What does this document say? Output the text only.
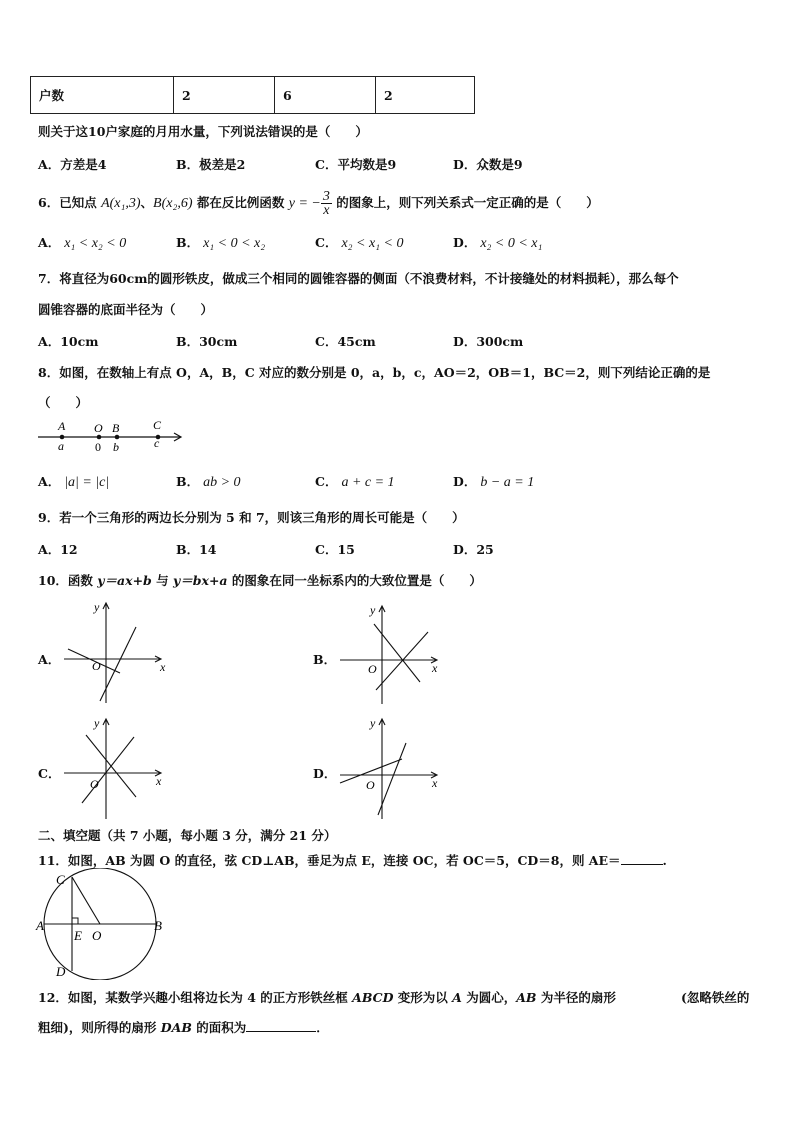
户数	2	6	2
则关于这10户家庭的月用水量，下列说法错误的是（　　）
A．方差是4	B．极差是2	C．平均数是9	D．众数是9
6．已知点 A(x₁,3)、B(x₂,6) 都在反比例函数 y = − $\frac{3}{x}$ 的图象上，则下列关系式一定正确的是（　　）
A． x₁ < x₂ < 0	B． x₁ < 0 < x₂	C． x₂ < x₁ < 0	D． x₂ < 0 < x₁
7．将直径为60cm的圆形铁皮，做成三个相同的圆锥容器的侧面（不浪费材料，不计接缝处的材料损耗），那么每个
圆锥容器的底面半径为（　　）
A．10cm	B．30cm	C．45cm	D．300cm
8．如图，在数轴上有点 O，A，B，C 对应的数分别是 0，a，b，c，AO＝2，OB＝1，BC＝2，则下列结论正确的是
（　　）
A O B	C
a	0 b	c
A． |a| = |c|	B． ab > 0	C． a + c = 1	D． b − a = 1
9．若一个三角形的两边长分别为 5 和 7，则该三角形的周长可能是（　　）
A．12	B．14	C．15	D．25
10．函数 y＝ax+b 与 y＝bx+a 的图象在同一坐标系内的大致位置是（　　）
A．	x
y
O	B．
x
y
O
C．	x
y
O
D．
x
y
O
二、填空题（共 7 小题，每小题 3 分，满分 21 分）
11．如图，AB 为圆 O 的直径，弦 CD⊥AB，垂足为点 E，连接 OC，若 OC＝5，CD＝8，则 AE＝	.
C
A
E O
B
D
12．如图，某数学兴趣小组将边长为 4 的正方形铁丝框 ABCD 变形为以 A 为圆心，AB 为半径的扇形	(忽略铁丝的
粗细)，则所得的扇形 DAB 的面积为	．
